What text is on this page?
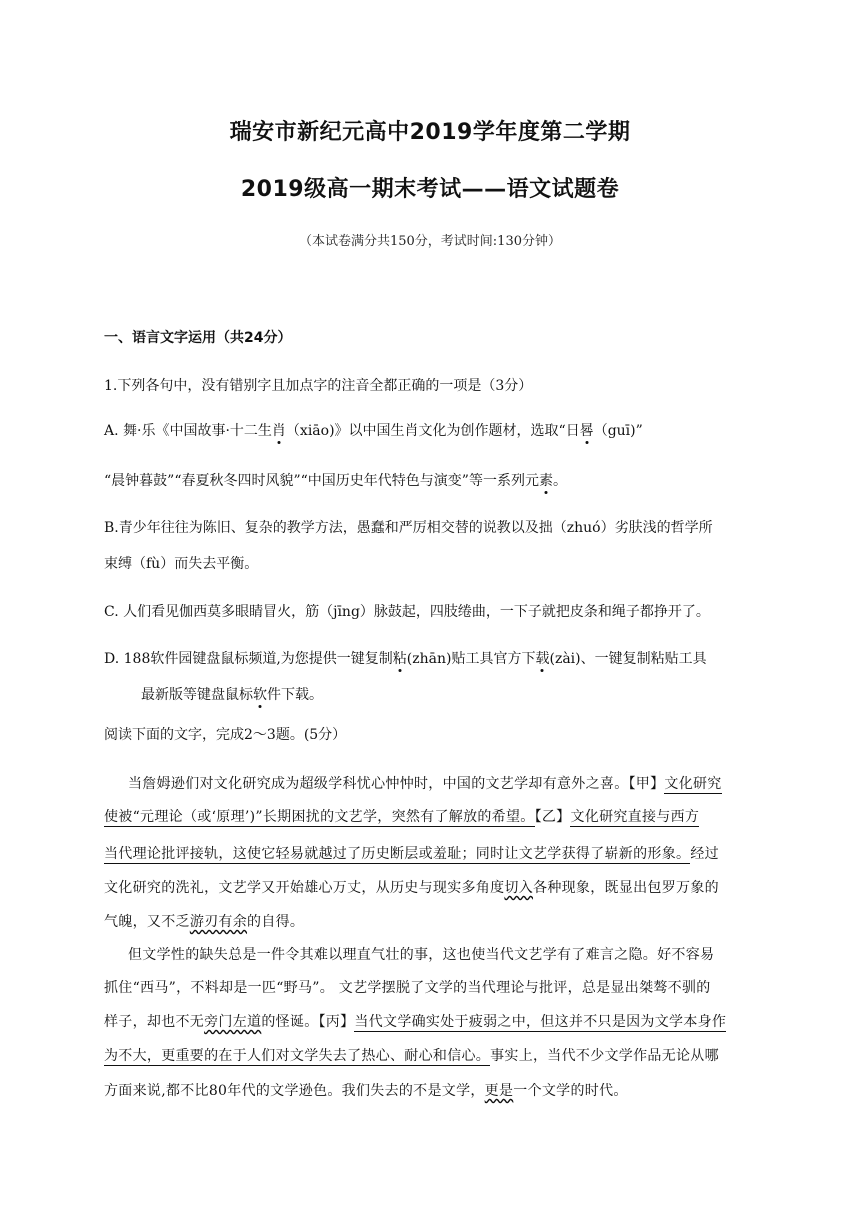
瑞安市新纪元高中2019学年度第二学期
2019级高一期末考试——语文试题卷
（本试卷满分共150分，考试时间:130分钟）
一、语言文字运用（共24分）
1.下列各句中，没有错别字且加点字的注音全都正确的一项是（3分）
A. 舞·乐《中国故事·十二生肖（xiāo)》以中国生肖文化为创作题材，选取“日晷（guī)”
“晨钟暮鼓”“春夏秋冬四时风貌”“中国历史年代特色与演变”等一系列元素。
B.青少年往往为陈旧、复杂的教学方法，愚蠢和严厉相交替的说教以及拙（zhuó）劣肤浅的哲学所
束缚（fù）而失去平衡。
C. 人们看见伽西莫多眼睛冒火，筋（jīng）脉鼓起，四肢绻曲，一下子就把皮条和绳子都挣开了。
D. 188软件园键盘鼠标频道,为您提供一键复制粘(zhān)贴工具官方下载(zài)、一键复制粘贴工具
最新版等键盘鼠标软件下载。
阅读下面的文字，完成2～3题。(5分）
当詹姆逊们对文化研究成为超级学科忧心忡忡时，中国的文艺学却有意外之喜。【甲】文化研究
使被“元理论（或‘原理’)”长期困扰的文艺学，突然有了解放的希望。【乙】文化研究直接与西方
当代理论批评接轨，这使它轻易就越过了历史断层或羞耻；同时让文艺学获得了崭新的形象。经过
文化研究的洗礼，文艺学又开始雄心万丈，从历史与现实多角度切入各种现象，既显出包罗万象的
气魄，又不乏游刃有余的自得。
但文学性的缺失总是一件令其难以理直气壮的事，这也使当代文艺学有了难言之隐。好不容易
抓住“西马”，不料却是一匹“野马”。 文艺学摆脱了文学的当代理论与批评，总是显出桀骜不驯的
样子，却也不无旁门左道的怪诞。【丙】当代文学确实处于疲弱之中，但这并不只是因为文学本身作
为不大，更重要的在于人们对文学失去了热心、耐心和信心。事实上，当代不少文学作品无论从哪
方面来说,都不比80年代的文学逊色。我们失去的不是文学，更是一个文学的时代。
